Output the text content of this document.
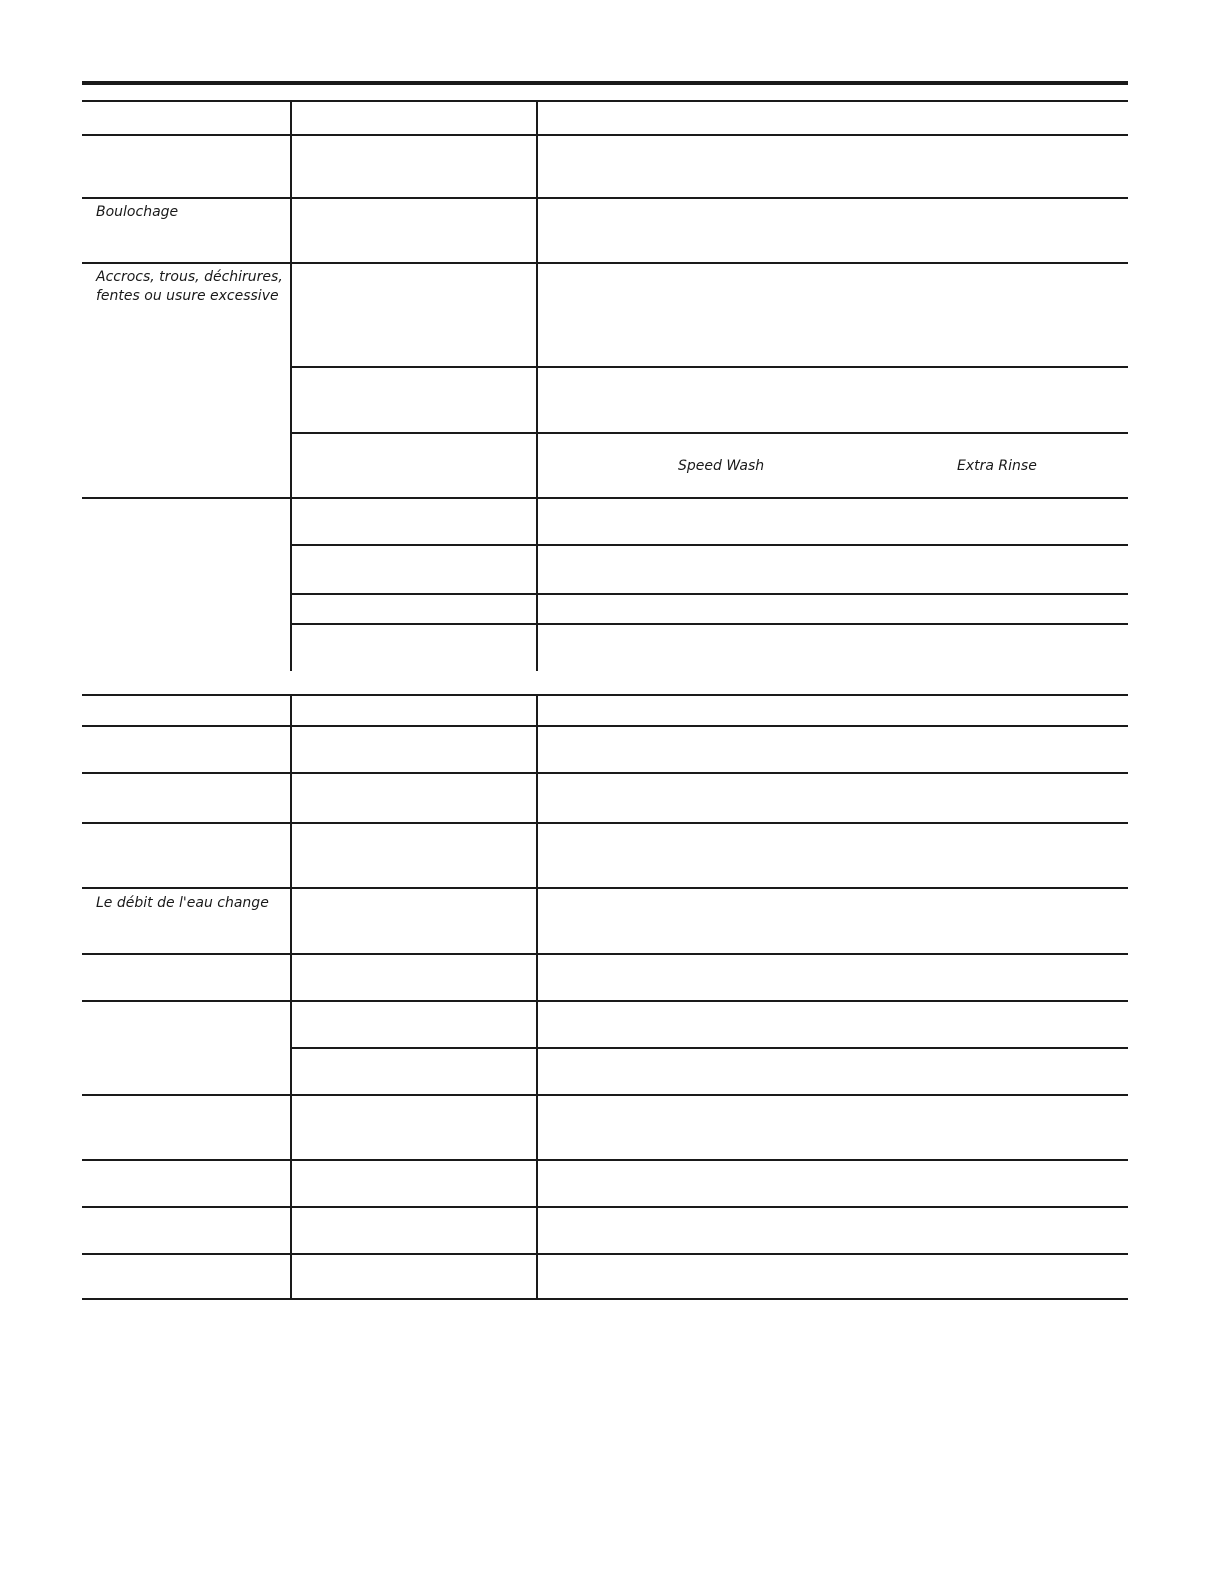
Boulochage

Accrocs, trous, déchirures,
fentes ou usure excessive

Speed Wash	Extra Rinse

Le débit de l'eau change
